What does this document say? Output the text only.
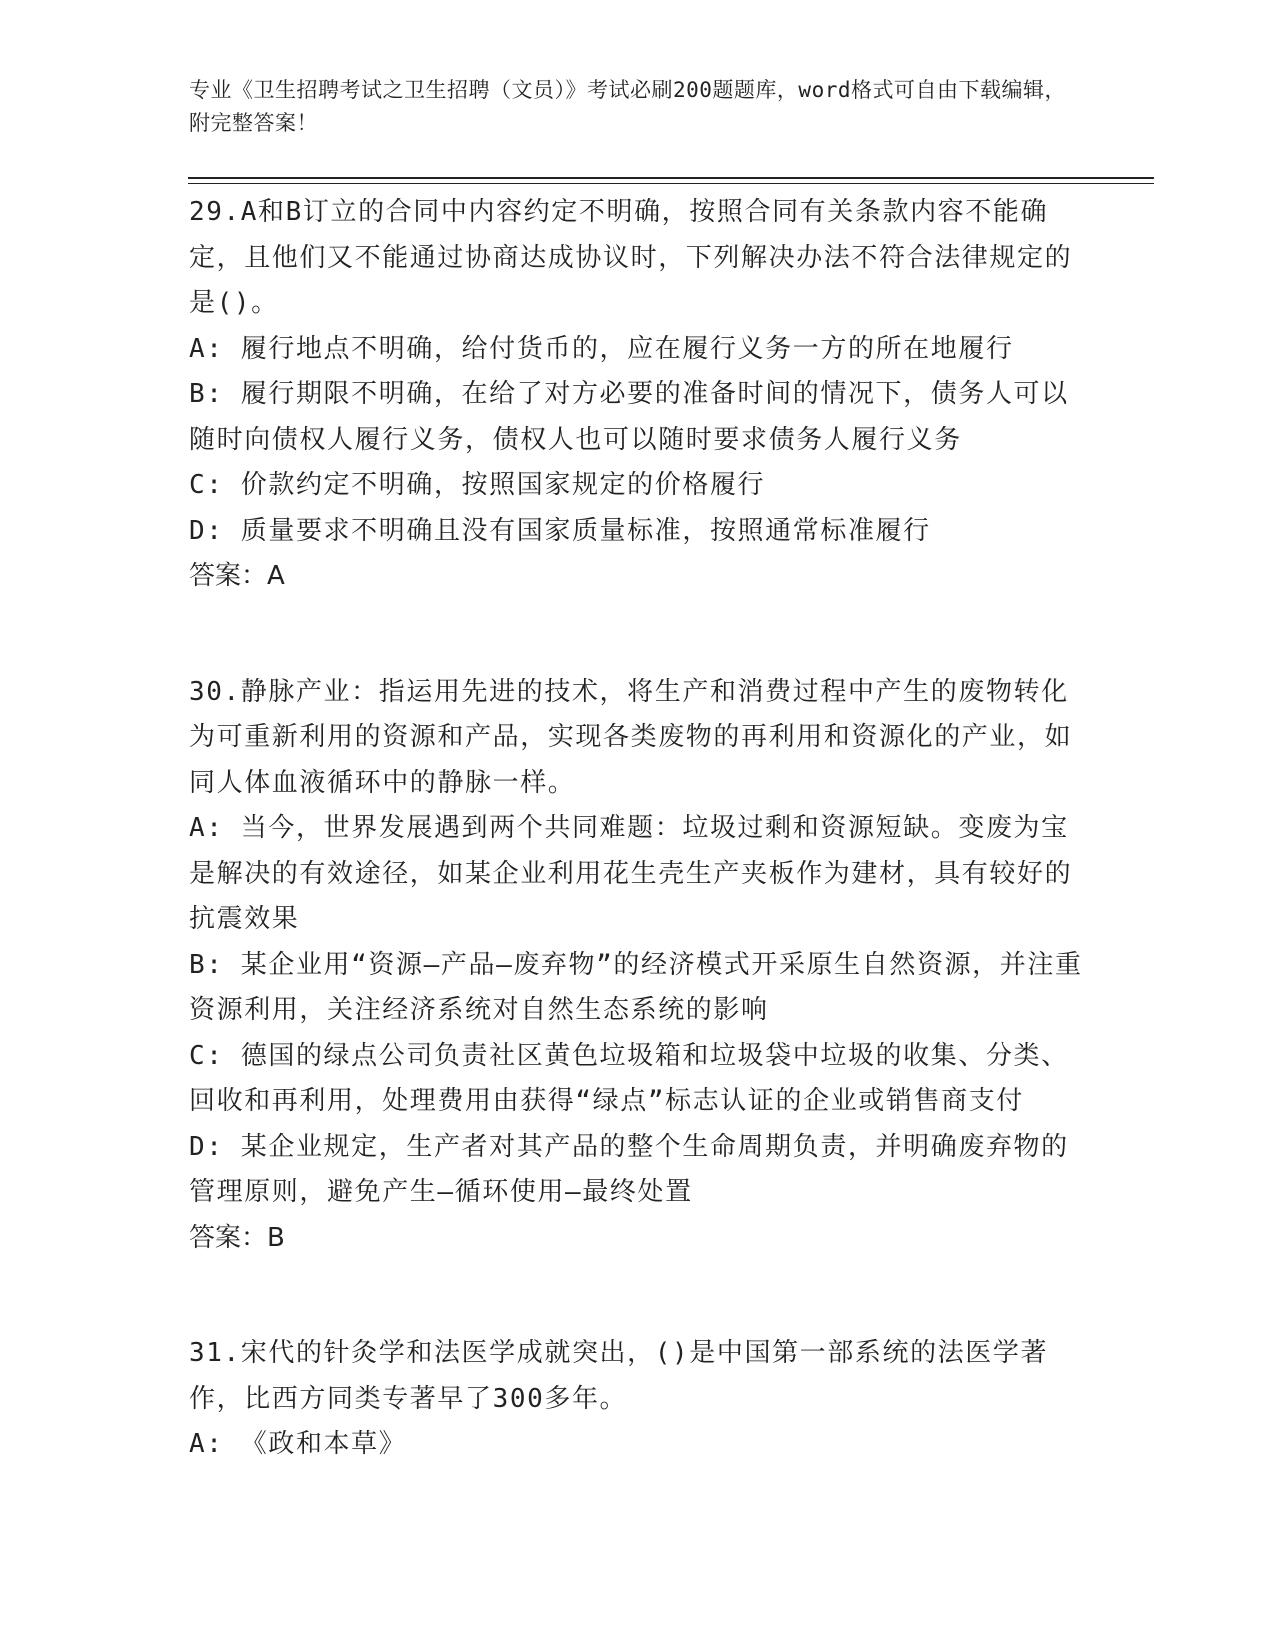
专业《卫生招聘考试之卫生招聘（文员）》考试必刷200题题库，word格式可自由下载编辑，附完整答案！

29.A和B订立的合同中内容约定不明确，按照合同有关条款内容不能确定，且他们又不能通过协商达成协议时，下列解决办法不符合法律规定的是()。

A: 履行地点不明确，给付货币的，应在履行义务一方的所在地履行

B: 履行期限不明确，在给了对方必要的准备时间的情况下，债务人可以随时向债权人履行义务，债权人也可以随时要求债务人履行义务

C: 价款约定不明确，按照国家规定的价格履行

D: 质量要求不明确且没有国家质量标准，按照通常标准履行

答案：A

30.静脉产业：指运用先进的技术，将生产和消费过程中产生的废物转化为可重新利用的资源和产品，实现各类废物的再利用和资源化的产业，如同人体血液循环中的静脉一样。

A: 当今，世界发展遇到两个共同难题：垃圾过剩和资源短缺。变废为宝是解决的有效途径，如某企业利用花生壳生产夹板作为建材，具有较好的抗震效果

B: 某企业用“资源—产品—废弃物”的经济模式开采原生自然资源，并注重资源利用，关注经济系统对自然生态系统的影响

C: 德国的绿点公司负责社区黄色垃圾箱和垃圾袋中垃圾的收集、分类、回收和再利用，处理费用由获得“绿点”标志认证的企业或销售商支付

D: 某企业规定，生产者对其产品的整个生命周期负责，并明确废弃物的管理原则，避免产生—循环使用—最终处置

答案：B

31.宋代的针灸学和法医学成就突出，()是中国第一部系统的法医学著作，比西方同类专著早了300多年。

A: 《政和本草》
